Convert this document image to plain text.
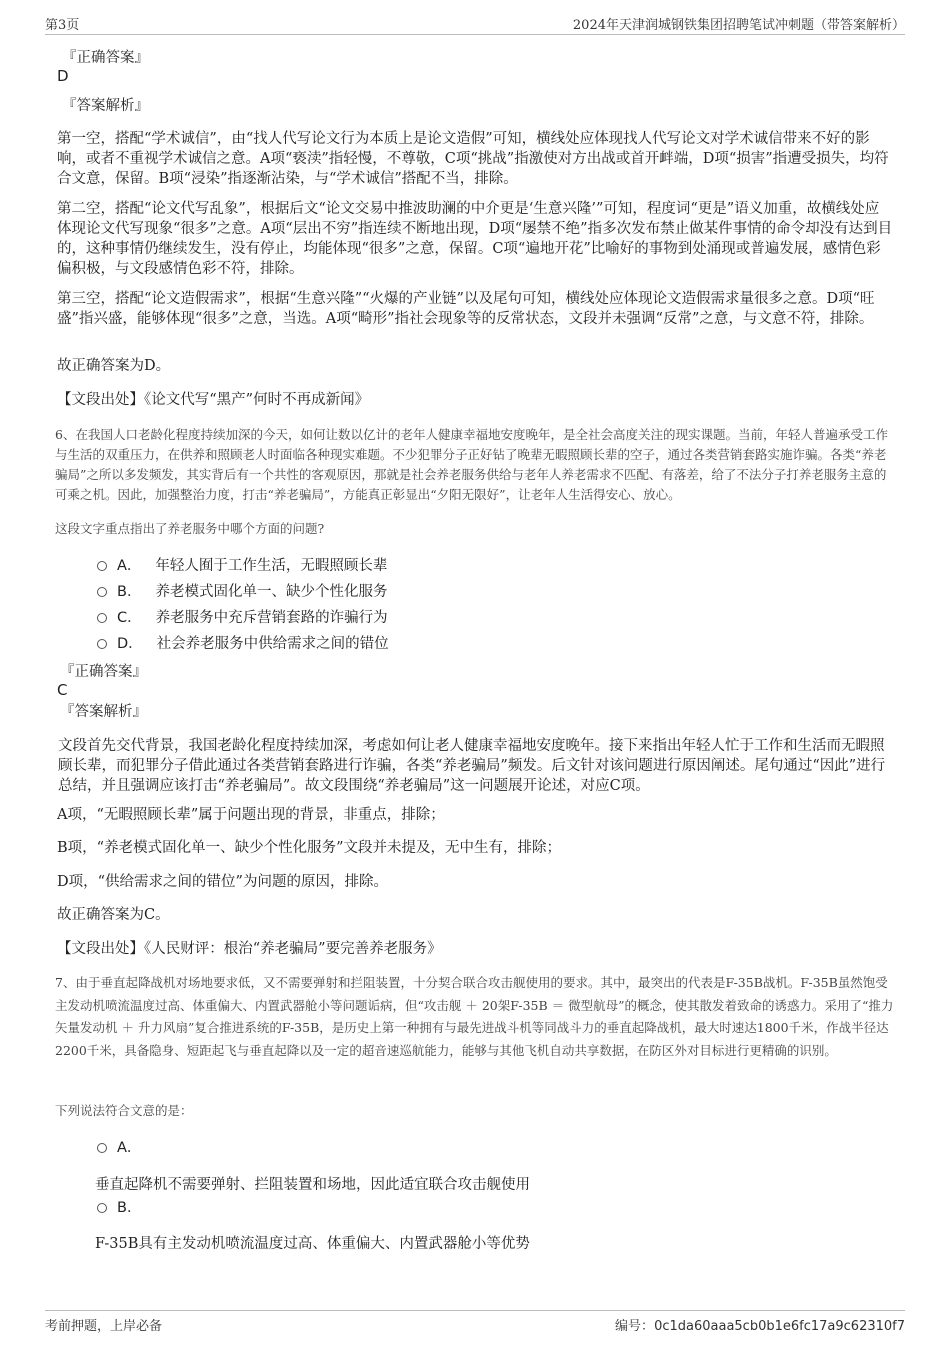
第3页	2024年天津润城钢铁集团招聘笔试冲刺题（带答案解析）
『正确答案』
D
『答案解析』

第一空，搭配“学术诚信”，由“找人代写论文行为本质上是论文造假”可知，横线处应体现找人代写论文对学术诚信带来不好的影响，或者不重视学术诚信之意。A项“亵渎”指轻慢，不尊敬，C项“挑战”指激使对方出战或首开衅端，D项“损害”指遭受损失，均符合文意，保留。B项“浸染”指逐渐沾染，与“学术诚信”搭配不当，排除。

第二空，搭配“论文代写乱象”，根据后文“论文交易中推波助澜的中介更是‘生意兴隆’”可知，程度词“更是”语义加重，故横线处应体现论文代写现象“很多”之意。A项“层出不穷”指连续不断地出现，D项“屡禁不绝”指多次发布禁止做某件事情的命令却没有达到目的，这种事情仍继续发生，没有停止，均能体现“很多”之意，保留。C项“遍地开花”比喻好的事物到处涌现或普遍发展，感情色彩偏积极，与文段感情色彩不符，排除。

第三空，搭配“论文造假需求”，根据“生意兴隆”“火爆的产业链”以及尾句可知，横线处应体现论文造假需求量很多之意。D项“旺盛”指兴盛，能够体现“很多”之意，当选。A项“畸形”指社会现象等的反常状态，文段并未强调“反常”之意，与文意不符，排除。

故正确答案为D。

【文段出处】《论文代写“黑产”何时不再成新闻》

6、在我国人口老龄化程度持续加深的今天，如何让数以亿计的老年人健康幸福地安度晚年，是全社会高度关注的现实课题。当前，年轻人普遍承受工作与生活的双重压力，在供养和照顾老人时面临各种现实难题。不少犯罪分子正好钻了晚辈无暇照顾长辈的空子，通过各类营销套路实施诈骗。各类“养老骗局”之所以多发频发，其实背后有一个共性的客观原因，那就是社会养老服务供给与老年人养老需求不匹配、有落差，给了不法分子打养老服务主意的可乘之机。因此，加强整治力度，打击“养老骗局”，方能真正彰显出“夕阳无限好”，让老年人生活得安心、放心。

这段文字重点指出了养老服务中哪个方面的问题?

A． 年轻人囿于工作生活，无暇照顾长辈
B． 养老模式固化单一、缺少个性化服务
C． 养老服务中充斥营销套路的诈骗行为
D． 社会养老服务中供给需求之间的错位
『正确答案』
C
『答案解析』

文段首先交代背景，我国老龄化程度持续加深，考虑如何让老人健康幸福地安度晚年。接下来指出年轻人忙于工作和生活而无暇照顾长辈，而犯罪分子借此通过各类营销套路进行诈骗，各类“养老骗局”频发。后文针对该问题进行原因阐述。尾句通过“因此”进行总结，并且强调应该打击“养老骗局”。故文段围绕“养老骗局”这一问题展开论述，对应C项。

A项，“无暇照顾长辈”属于问题出现的背景，非重点，排除；

B项，“养老模式固化单一、缺少个性化服务”文段并未提及，无中生有，排除；

D项，“供给需求之间的错位”为问题的原因，排除。

故正确答案为C。

【文段出处】《人民财评：根治“养老骗局”要完善养老服务》

7、由于垂直起降战机对场地要求低，又不需要弹射和拦阻装置，十分契合联合攻击舰使用的要求。其中，最突出的代表是F-35B战机。F-35B虽然饱受主发动机喷流温度过高、体重偏大、内置武器舱小等问题诟病，但“攻击舰 ＋ 20架F-35B ＝ 微型航母”的概念，使其散发着致命的诱惑力。采用了“推力矢量发动机 ＋ 升力风扇”复合推进系统的F-35B，是历史上第一种拥有与最先进战斗机等同战斗力的垂直起降战机，最大时速达1800千米，作战半径达2200千米，具备隐身、短距起飞与垂直起降以及一定的超音速巡航能力，能够与其他飞机自动共享数据，在防区外对目标进行更精确的识别。

下列说法符合文意的是：

A．
垂直起降机不需要弹射、拦阻装置和场地，因此适宜联合攻击舰使用
B．
F-35B具有主发动机喷流温度过高、体重偏大、内置武器舱小等优势
考前押题，上岸必备	编号：0c1da60aaa5cb0b1e6fc17a9c62310f7
